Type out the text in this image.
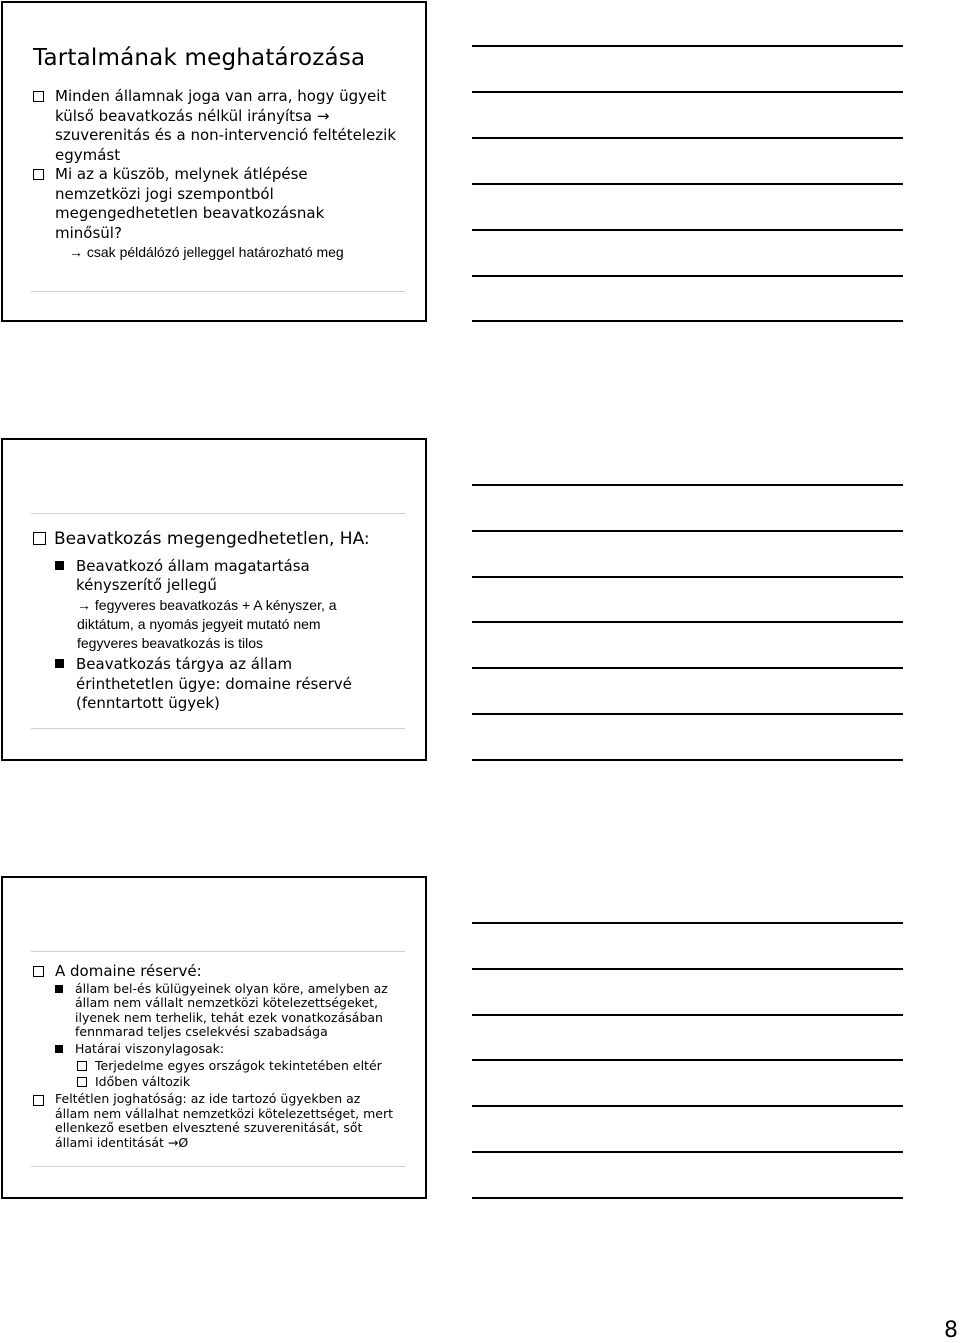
Tartalmának meghatározása
Minden államnak joga van arra, hogy ügyeit külső beavatkozás nélkül irányítsa → szuverenitás és a non-intervenció feltételezik egymást
Mi az a küszöb, melynek átlépése nemzetközi jogi szempontból megengedhetetlen beavatkozásnak minősül?
→ csak példálózó jelleggel határozható meg
Beavatkozás megengedhetetlen, HA:
Beavatkozó állam magatartása kényszerítő jellegű
→ fegyveres beavatkozás + A kényszer, a diktátum, a nyomás jegyeit mutató nem fegyveres beavatkozás is tilos
Beavatkozás tárgya az állam érinthetetlen ügye: domaine réservé (fenntartott ügyek)
A domaine réservé:
állam bel-és külügyeinek olyan köre, amelyben az állam nem vállalt nemzetközi kötelezettségeket, ilyenek nem terhelik, tehát ezek vonatkozásában fennmarad teljes cselekvési szabadsága
Határai viszonylagosak:
Terjedelme egyes országok tekintetében eltér
Időben változik
Feltétlen joghatóság: az ide tartozó ügyekben az állam nem vállalhat nemzetközi kötelezettséget, mert ellenkező esetben elvesztené szuverenitását, sőt állami identitását →Ø
8
